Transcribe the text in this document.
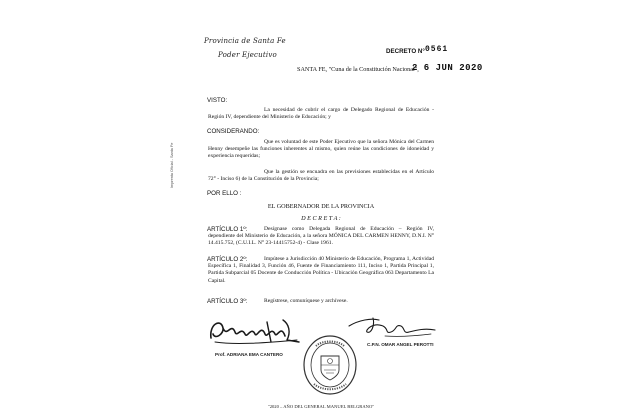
Provincia de Santa Fe
Poder Ejecutivo	DECRETO N° 0561
SANTA FE, "Cuna de la Constitución Nacional",
2 6 JUN 2020
Imprenta Oficial - Santa Fe
VISTO:
La necesidad de cubrir el cargo de Delegado Regional de Educación - Región IV, dependiente del Ministerio de Educación; y
CONSIDERANDO:
Que es voluntad de este Poder Ejecutivo que la señora Mónica del Carmen Henny desempeñe las funciones inherentes al mismo, quien reúne las condiciones de idoneidad y experiencia requeridas;
Que la gestión se encuadra en las previsiones establecidas en el Artículo 72° - Inciso 6) de la Constitución de la Provincia;
POR ELLO :
EL GOBERNADOR DE LA PROVINCIA
D E C R E T A :
ARTÍCULO 1º:	Desígnase como Delegada Regional de Educación – Región IV, dependiente del Ministerio de Educación, a la señora MÓNICA DEL CARMEN HENNY, D.N.I. N° 14.415.752, (C.U.I.L. N° 23-14415752-4) - Clase 1961.
ARTÍCULO 2º:	Impútese a Jurisdicción 40 Ministerio de Educación, Programa 1, Actividad Específica 1, Finalidad 3, Función 46, Fuente de Financiamiento 111, Inciso 1, Partida Principal 1, Partida Subparcial 05 Docente de Conducción Política - Ubicación Geográfica 063 Departamento La Capital.
ARTÍCULO 3º:	Regístrese, comuníquese y archívese.
Prof. ADRIANA EMA CANTERO
C.P.N. OMAR ANGEL PEROTTI
"2020 – AÑO DEL GENERAL MANUEL BELGRANO"
